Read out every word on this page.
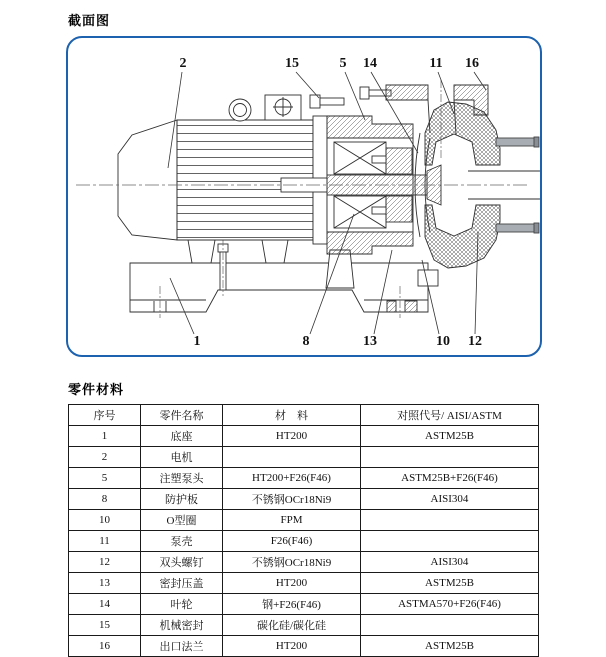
截面图
2	15	5 14	11 16
1	8	13	10 12
零件材料
序号	零件名称	材　料	对照代号/ AISI/ASTM
1	底座	HT200	ASTM25B
2	电机		
5	注塑泵头	HT200+F26(F46)	ASTM25B+F26(F46)
8	防护板	不锈钢OCr18Ni9	AISI304
10	O型圈	FPM	
11	泵壳	F26(F46)	
12	双头螺钉	不锈钢OCr18Ni9	AISI304
13	密封压盖	HT200	ASTM25B
14	叶轮	钢+F26(F46)	ASTMA570+F26(F46)
15	机械密封	碳化硅/碳化硅	
16	出口法兰	HT200	ASTM25B
